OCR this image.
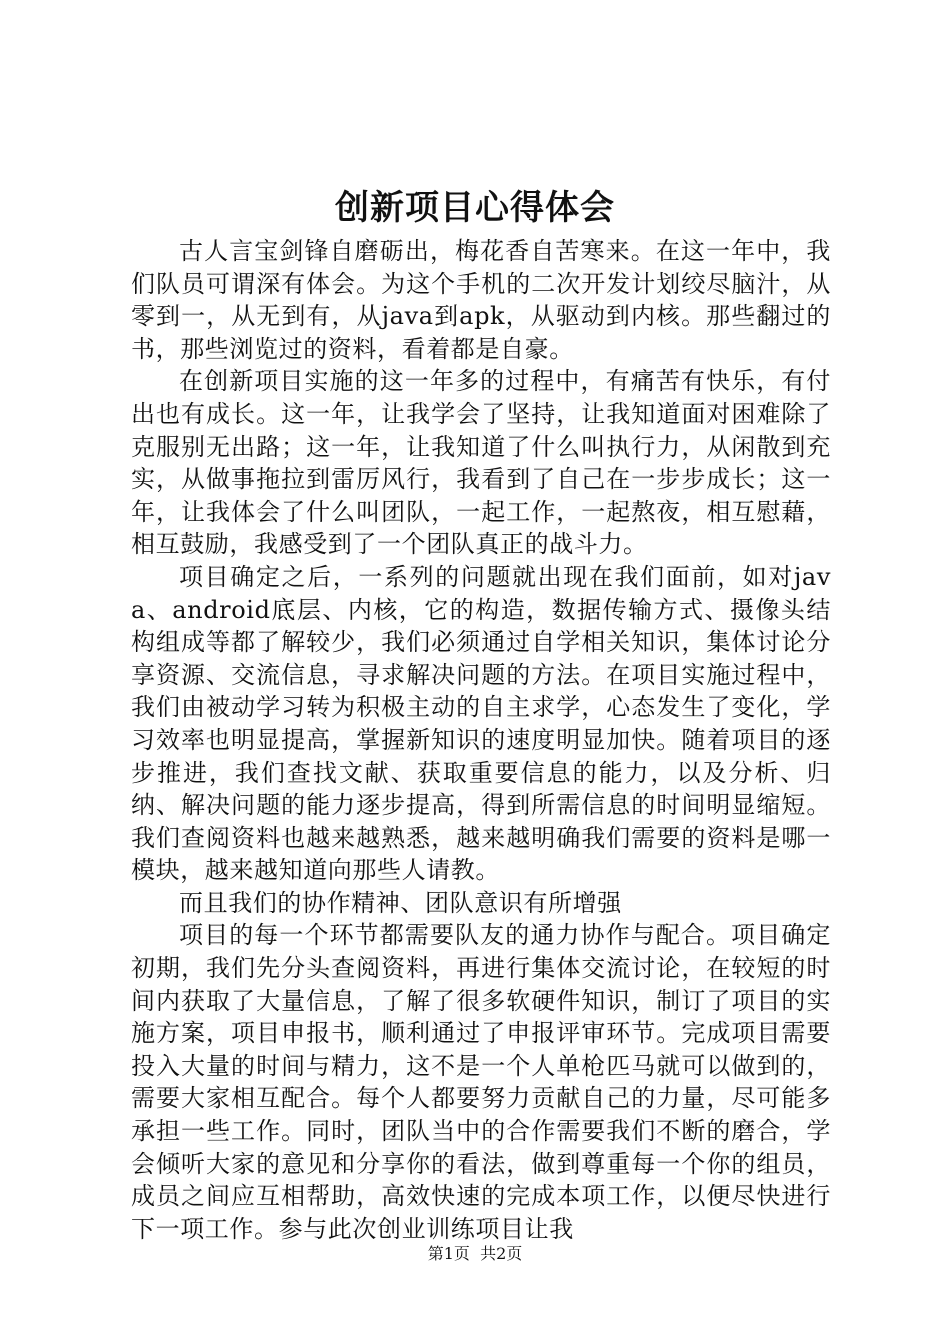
创新项目心得体会

古人言宝剑锋自磨砺出，梅花香自苦寒来。在这一年中，我们队员可谓深有体会。为这个手机的二次开发计划绞尽脑汁，从零到一，从无到有，从java到apk，从驱动到内核。那些翻过的书，那些浏览过的资料，看着都是自豪。

在创新项目实施的这一年多的过程中，有痛苦有快乐，有付出也有成长。这一年，让我学会了坚持，让我知道面对困难除了克服别无出路；这一年，让我知道了什么叫执行力，从闲散到充实，从做事拖拉到雷厉风行，我看到了自己在一步步成长；这一年，让我体会了什么叫团队，一起工作，一起熬夜，相互慰藉，相互鼓励，我感受到了一个团队真正的战斗力。

项目确定之后，一系列的问题就出现在我们面前，如对java、android底层、内核，它的构造，数据传输方式、摄像头结构组成等都了解较少，我们必须通过自学相关知识，集体讨论分享资源、交流信息，寻求解决问题的方法。在项目实施过程中，我们由被动学习转为积极主动的自主求学，心态发生了变化，学习效率也明显提高，掌握新知识的速度明显加快。随着项目的逐步推进，我们查找文献、获取重要信息的能力，以及分析、归纳、解决问题的能力逐步提高，得到所需信息的时间明显缩短。我们查阅资料也越来越熟悉，越来越明确我们需要的资料是哪一模块，越来越知道向那些人请教。

而且我们的协作精神、团队意识有所增强

项目的每一个环节都需要队友的通力协作与配合。项目确定初期，我们先分头查阅资料，再进行集体交流讨论，在较短的时间内获取了大量信息，了解了很多软硬件知识，制订了项目的实施方案，项目申报书，顺利通过了申报评审环节。完成项目需要投入大量的时间与精力，这不是一个人单枪匹马就可以做到的，需要大家相互配合。每个人都要努力贡献自己的力量，尽可能多承担一些工作。同时，团队当中的合作需要我们不断的磨合，学会倾听大家的意见和分享你的看法，做到尊重每一个你的组员，成员之间应互相帮助，高效快速的完成本项工作，以便尽快进行下一项工作。参与此次创业训练项目让我

第1页 共2页
